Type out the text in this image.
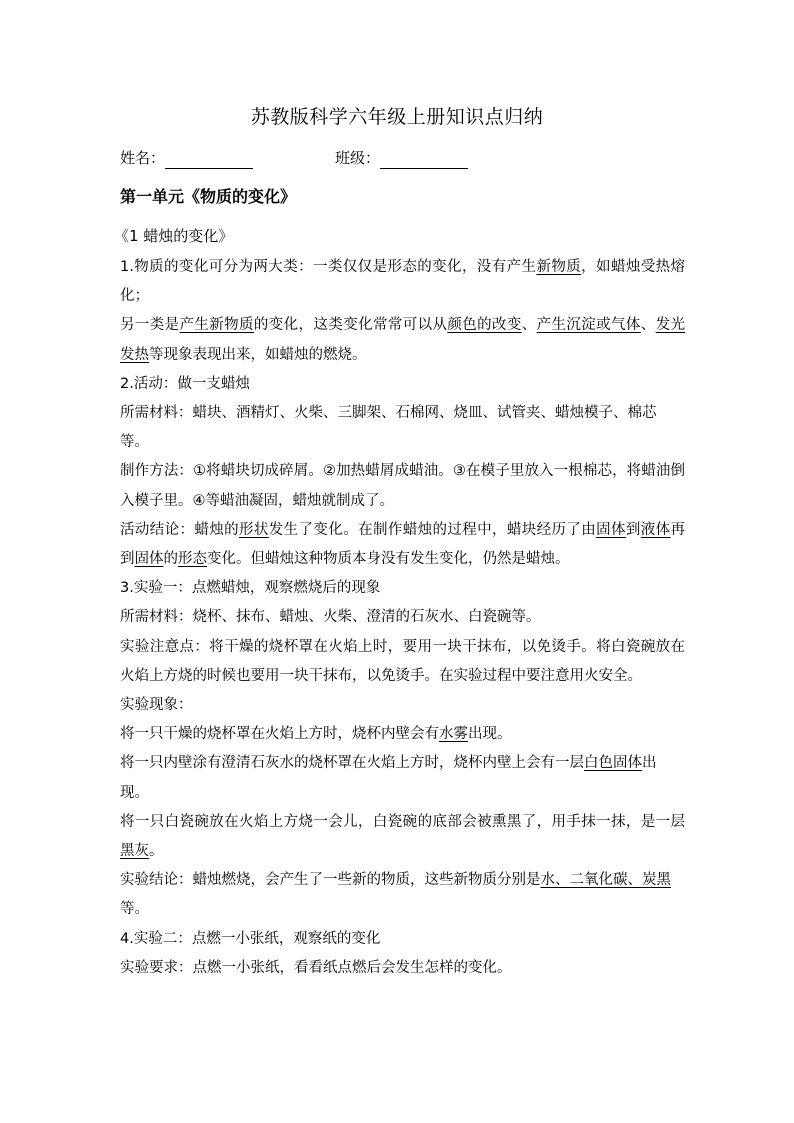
苏教版科学六年级上册知识点归纳
姓名：	班级：
第一单元《物质的变化》
《1 蜡烛的变化》

1.物质的变化可分为两大类：一类仅仅是形态的变化，没有产生新物质，如蜡烛受热熔化；

另一类是产生新物质的变化，这类变化常常可以从颜色的改变、产生沉淀或气体、发光发热等现象表现出来，如蜡烛的燃烧。

2.活动：做一支蜡烛

所需材料：蜡块、酒精灯、火柴、三脚架、石棉网、烧皿、试管夹、蜡烛模子、棉芯等。

制作方法：①将蜡块切成碎屑。②加热蜡屑成蜡油。③在模子里放入一根棉芯，将蜡油倒入模子里。④等蜡油凝固，蜡烛就制成了。

活动结论：蜡烛的形状发生了变化。在制作蜡烛的过程中，蜡块经历了由固体到液体再到固体的形态变化。但蜡烛这种物质本身没有发生变化，仍然是蜡烛。

3.实验一：点燃蜡烛，观察燃烧后的现象

所需材料：烧杯、抹布、蜡烛、火柴、澄清的石灰水、白瓷碗等。

实验注意点：将干燥的烧杯罩在火焰上时，要用一块干抹布，以免烫手。将白瓷碗放在火焰上方烧的时候也要用一块干抹布，以免烫手。在实验过程中要注意用火安全。

实验现象：

将一只干燥的烧杯罩在火焰上方时，烧杯内壁会有水雾出现。

将一只内壁涂有澄清石灰水的烧杯罩在火焰上方时，烧杯内壁上会有一层白色固体出现。

将一只白瓷碗放在火焰上方烧一会儿，白瓷碗的底部会被熏黑了，用手抹一抹，是一层黑灰。

实验结论：蜡烛燃烧，会产生了一些新的物质，这些新物质分别是水、二氧化碳、炭黑等。

4.实验二：点燃一小张纸，观察纸的变化

实验要求：点燃一小张纸，看看纸点燃后会发生怎样的变化。
